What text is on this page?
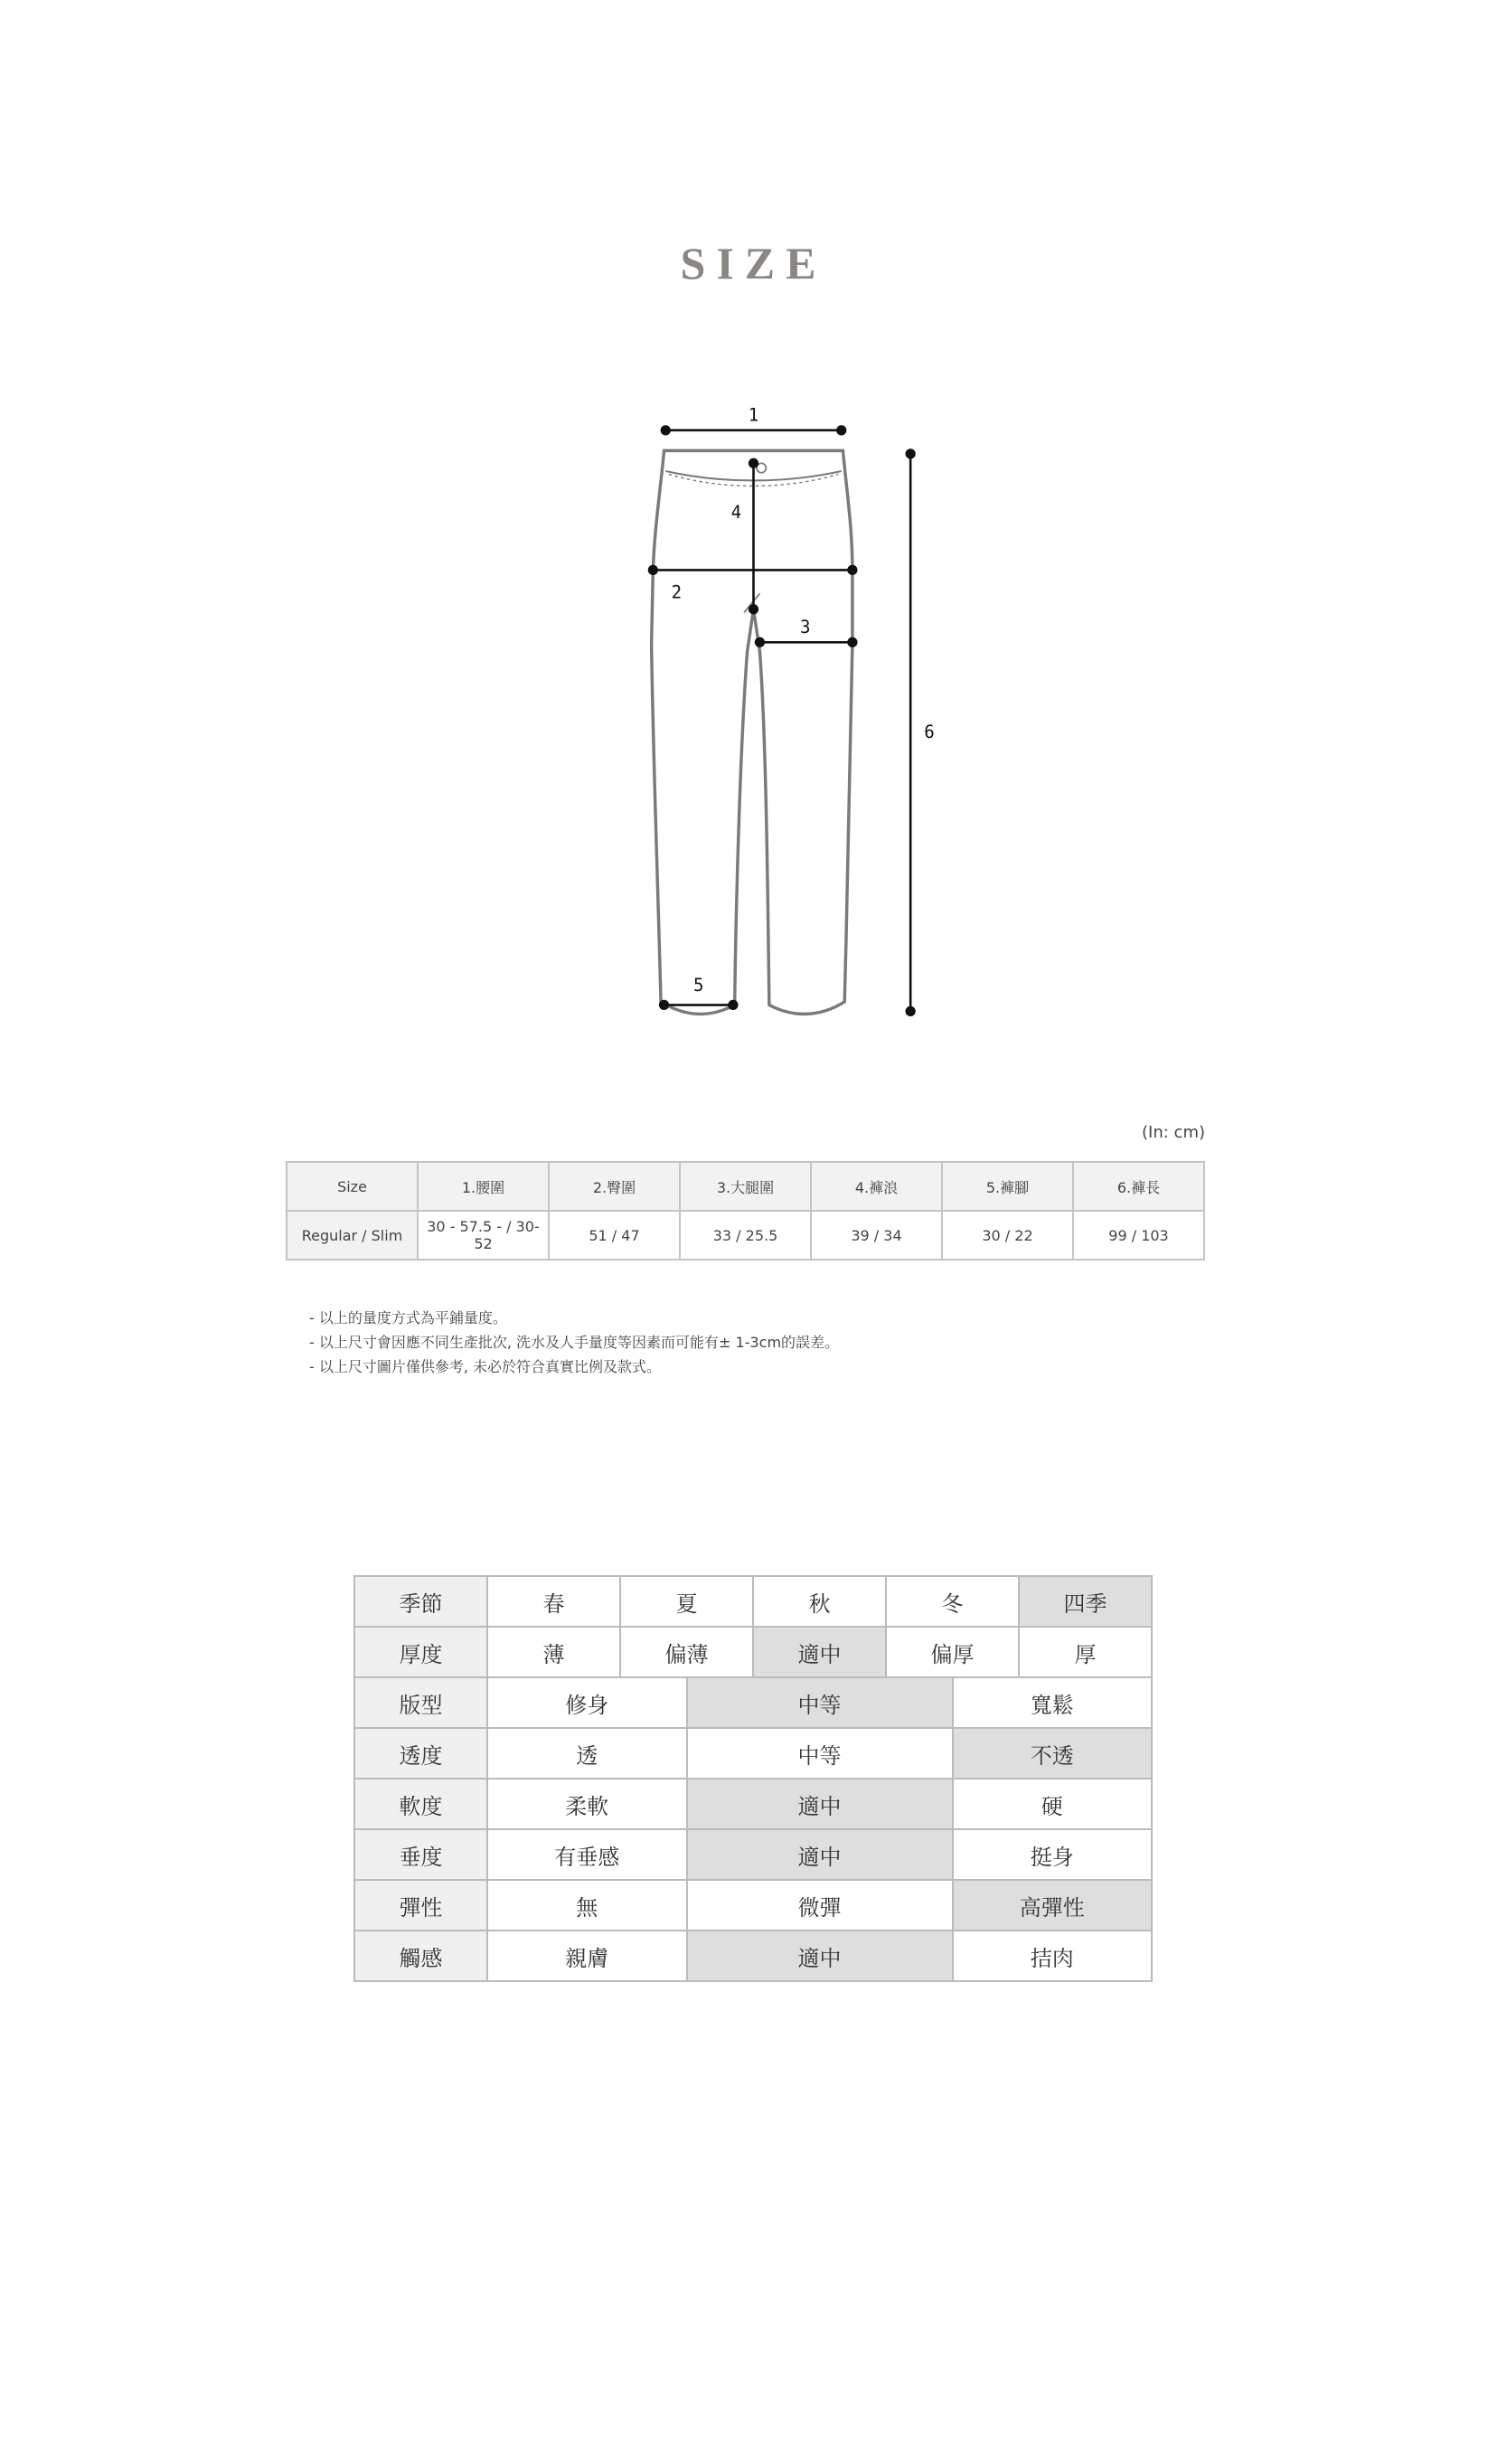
SIZE
1
2
3
4
5
6
(In: cm)
Size	1.腰圍	2.臀圍	3.大腿圍	4.褲浪	5.褲腳	6.褲長
Regular / Slim	30 - 57.5 - / 30-52	51 / 47	33 / 25.5	39 / 34	30 / 22	99 / 103
- 以上的量度方式為平鋪量度。
- 以上尺寸會因應不同生產批次, 洗水及人手量度等因素而可能有± 1-3cm的誤差。
- 以上尺寸圖片僅供參考, 未必於符合真實比例及款式。
季節	春	夏	秋	冬	四季
厚度	薄	偏薄	適中	偏厚	厚
版型	修身	中等	寬鬆
透度	透	中等	不透
軟度	柔軟	適中	硬
垂度	有垂感	適中	挺身
彈性	無	微彈	高彈性
觸感	親膚	適中	拮肉
